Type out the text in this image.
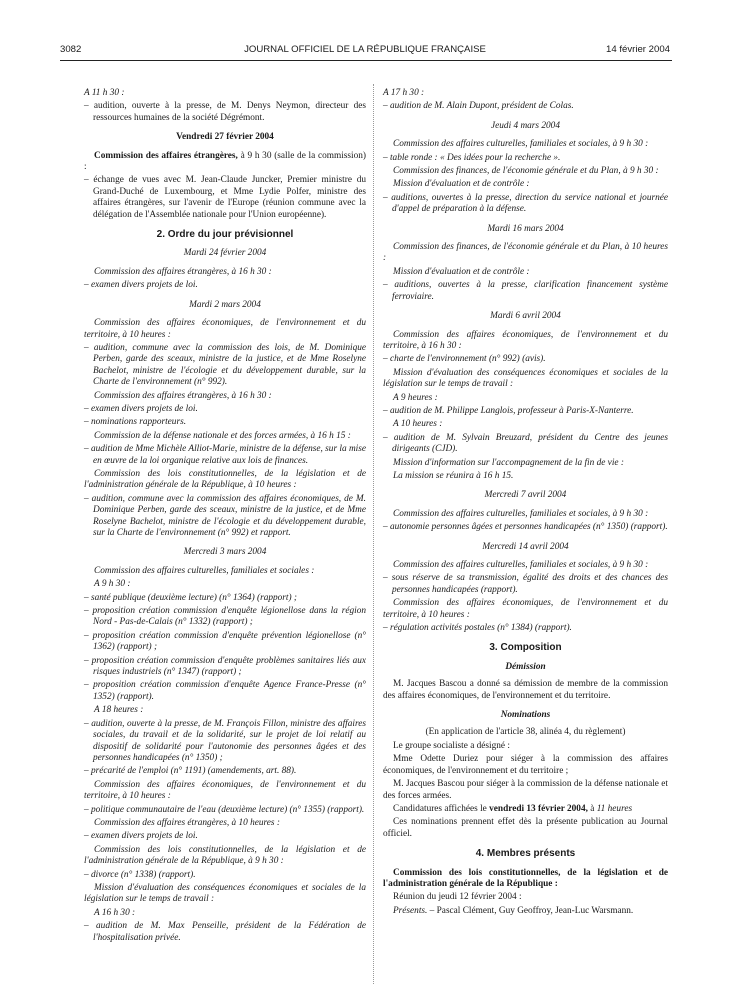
3082	JOURNAL OFFICIEL DE LA RÉPUBLIQUE FRANÇAISE	14 février 2004
A 11 h 30 :
– audition, ouverte à la presse, de M. Denys Neymon, directeur des ressources humaines de la société Dégrémont.
Vendredi 27 février 2004
Commission des affaires étrangères, à 9 h 30 (salle de la commission) :
– échange de vues avec M. Jean-Claude Juncker, Premier ministre du Grand-Duché de Luxembourg, et Mme Lydie Polfer, ministre des affaires étrangères, sur l'avenir de l'Europe (réunion commune avec la délégation de l'Assemblée nationale pour l'Union européenne).
2. Ordre du jour prévisionnel
Mardi 24 février 2004
Commission des affaires étrangères, à 16 h 30 :
– examen divers projets de loi.
Mardi 2 mars 2004
Commission des affaires économiques, de l'environnement et du territoire, à 10 heures :
– audition, commune avec la commission des lois, de M. Dominique Perben, garde des sceaux, ministre de la justice, et de Mme Roselyne Bachelot, ministre de l'écologie et du développement durable, sur la Charte de l'environnement (n° 992).
Commission des affaires étrangères, à 16 h 30 :
– examen divers projets de loi.
– nominations rapporteurs.
Commission de la défense nationale et des forces armées, à 16 h 15 :
– audition de Mme Michèle Alliot-Marie, ministre de la défense, sur la mise en œuvre de la loi organique relative aux lois de finances.
Commission des lois constitutionnelles, de la législation et de l'administration générale de la République, à 10 heures :
– audition, commune avec la commission des affaires économiques, de M. Dominique Perben, garde des sceaux, ministre de la justice, et de Mme Roselyne Bachelot, ministre de l'écologie et du développement durable, sur la Charte de l'environnement (n° 992) et rapport.
Mercredi 3 mars 2004
Commission des affaires culturelles, familiales et sociales :
A 9 h 30 :
– santé publique (deuxième lecture) (n° 1364) (rapport) ;
– proposition création commission d'enquête légionellose dans la région Nord - Pas-de-Calais (n° 1332) (rapport) ;
– proposition création commission d'enquête prévention légionellose (n° 1362) (rapport) ;
– proposition création commission d'enquête problèmes sanitaires liés aux risques industriels (n° 1347) (rapport) ;
– proposition création commission d'enquête Agence France-Presse (n° 1352) (rapport).
A 18 heures :
– audition, ouverte à la presse, de M. François Fillon, ministre des affaires sociales, du travail et de la solidarité, sur le projet de loi relatif au dispositif de solidarité pour l'autonomie des personnes âgées et des personnes handicapées (n° 1350) ;
– précarité de l'emploi (n° 1191) (amendements, art. 88).
Commission des affaires économiques, de l'environnement et du territoire, à 10 heures :
– politique communautaire de l'eau (deuxième lecture) (n° 1355) (rapport).
Commission des affaires étrangères, à 10 heures :
– examen divers projets de loi.
Commission des lois constitutionnelles, de la législation et de l'administration générale de la République, à 9 h 30 :
– divorce (n° 1338) (rapport).
Mission d'évaluation des conséquences économiques et sociales de la législation sur le temps de travail :
A 16 h 30 :
– audition de M. Max Penseille, président de la Fédération de l'hospitalisation privée.
A 17 h 30 :
– audition de M. Alain Dupont, président de Colas.
Jeudi 4 mars 2004
Commission des affaires culturelles, familiales et sociales, à 9 h 30 :
– table ronde : « Des idées pour la recherche ».
Commission des finances, de l'économie générale et du Plan, à 9 h 30 :
Mission d'évaluation et de contrôle :
– auditions, ouvertes à la presse, direction du service national et journée d'appel de préparation à la défense.
Mardi 16 mars 2004
Commission des finances, de l'économie générale et du Plan, à 10 heures :
Mission d'évaluation et de contrôle :
– auditions, ouvertes à la presse, clarification financement système ferroviaire.
Mardi 6 avril 2004
Commission des affaires économiques, de l'environnement et du territoire, à 16 h 30 :
– charte de l'environnement (n° 992) (avis).
Mission d'évaluation des conséquences économiques et sociales de la législation sur le temps de travail :
A 9 heures :
– audition de M. Philippe Langlois, professeur à Paris-X-Nanterre.
A 10 heures :
– audition de M. Sylvain Breuzard, président du Centre des jeunes dirigeants (CJD).
Mission d'information sur l'accompagnement de la fin de vie :
La mission se réunira à 16 h 15.
Mercredi 7 avril 2004
Commission des affaires culturelles, familiales et sociales, à 9 h 30 :
– autonomie personnes âgées et personnes handicapées (n° 1350) (rapport).
Mercredi 14 avril 2004
Commission des affaires culturelles, familiales et sociales, à 9 h 30 :
– sous réserve de sa transmission, égalité des droits et des chances des personnes handicapées (rapport).
Commission des affaires économiques, de l'environnement et du territoire, à 10 heures :
– régulation activités postales (n° 1384) (rapport).
3. Composition
Démission
M. Jacques Bascou a donné sa démission de membre de la commission des affaires économiques, de l'environnement et du territoire.
Nominations
(En application de l'article 38, alinéa 4, du règlement)
Le groupe socialiste a désigné :
Mme Odette Duriez pour siéger à la commission des affaires économiques, de l'environnement et du territoire ;
M. Jacques Bascou pour siéger à la commission de la défense nationale et des forces armées.
Candidatures affichées le vendredi 13 février 2004, à 11 heures
Ces nominations prennent effet dès la présente publication au Journal officiel.
4. Membres présents
Commission des lois constitutionnelles, de la législation et de l'administration générale de la République :
Réunion du jeudi 12 février 2004 :
Présents. – Pascal Clément, Guy Geoffroy, Jean-Luc Warsmann.
